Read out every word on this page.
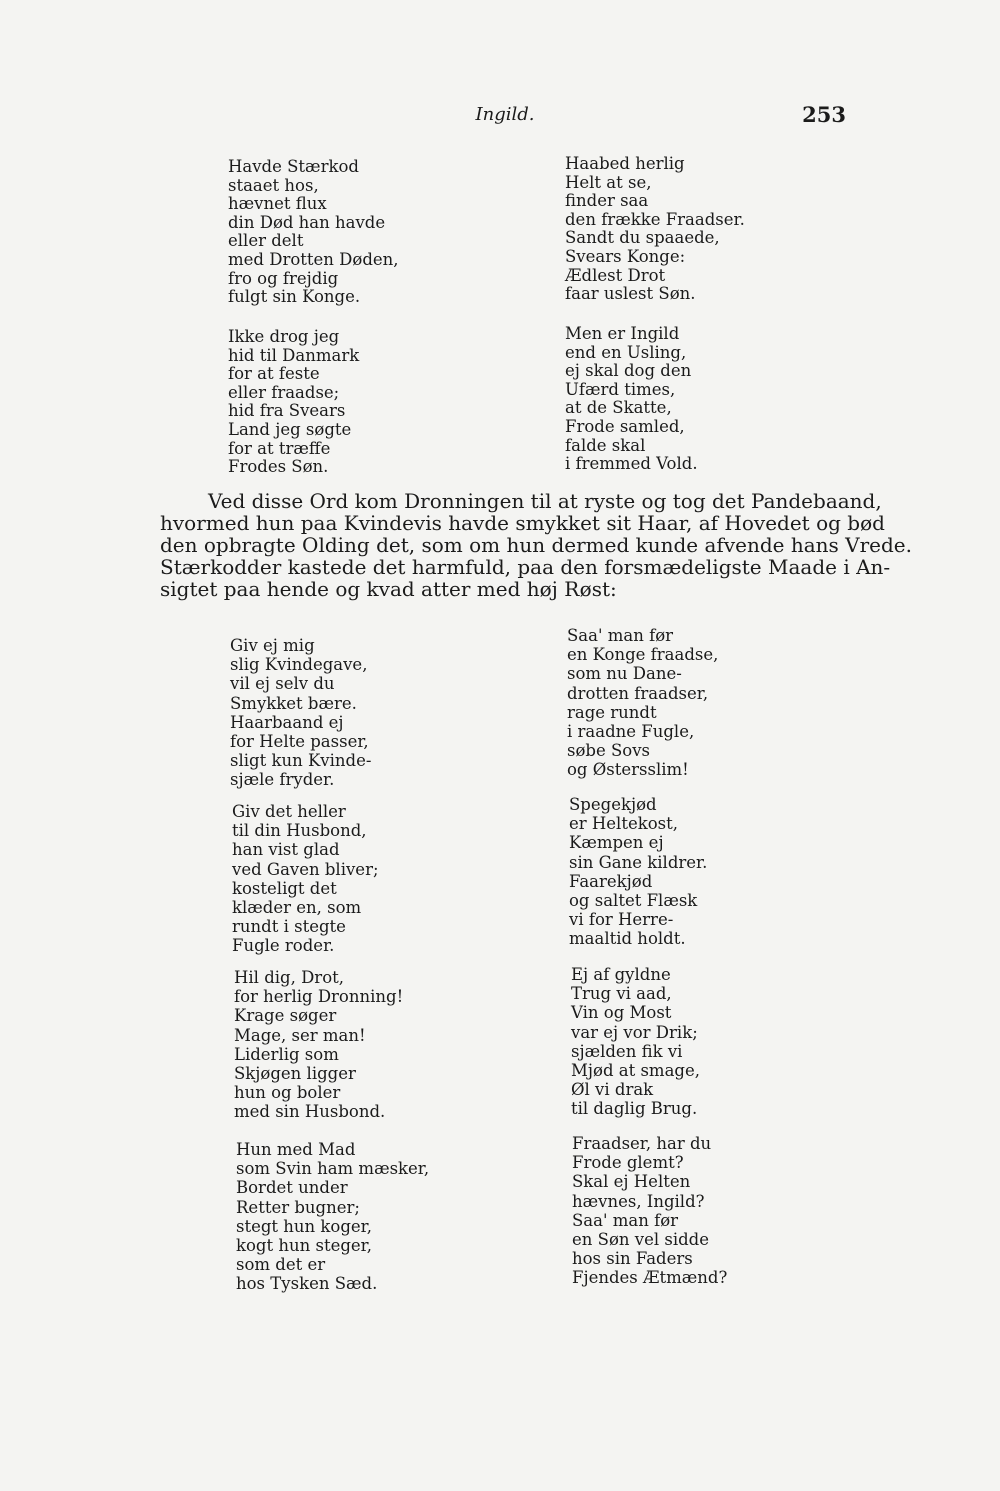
Ingild.	253
Havde Stærkod
staaet hos,
hævnet flux
din Død han havde
eller delt
med Drotten Døden,
fro og frejdig
fulgt sin Konge.
Ikke drog jeg
hid til Danmark
for at feste
eller fraadse;
hid fra Svears
Land jeg søgte
for at træffe
Frodes Søn.
Haabed herlig
Helt at se,
finder saa
den frække Fraadser.
Sandt du spaaede,
Svears Konge:
Ædlest Drot
faar uslest Søn.
Men er Ingild
end en Usling,
ej skal dog den
Ufærd times,
at de Skatte,
Frode samled,
falde skal
i fremmed Vold.

Ved disse Ord kom Dronningen til at ryste og tog det Pandebaand,
hvormed hun paa Kvindevis havde smykket sit Haar, af Hovedet og bød
den opbragte Olding det, som om hun dermed kunde afvende hans Vrede.
Stærkodder kastede det harmfuld, paa den forsmædeligste Maade i An-
sigtet paa hende og kvad atter med høj Røst:

Giv ej mig
slig Kvindegave,
vil ej selv du
Smykket bære.
Haarbaand ej
for Helte passer,
sligt kun Kvinde-
sjæle fryder.
Giv det heller
til din Husbond,
han vist glad
ved Gaven bliver;
kosteligt det
klæder en, som
rundt i stegte
Fugle roder.
Hil dig, Drot,
for herlig Dronning!
Krage søger
Mage, ser man!
Liderlig som
Skjøgen ligger
hun og boler
med sin Husbond.
Hun med Mad
som Svin ham mæsker,
Bordet under
Retter bugner;
stegt hun koger,
kogt hun steger,
som det er
hos Tysken Sæd.
Saa' man før
en Konge fraadse,
som nu Dane-
drotten fraadser,
rage rundt
i raadne Fugle,
søbe Sovs
og Østersslim!
Spegekjød
er Heltekost,
Kæmpen ej
sin Gane kildrer.
Faarekjød
og saltet Flæsk
vi for Herre-
maaltid holdt.
Ej af gyldne
Trug vi aad,
Vin og Most
var ej vor Drik;
sjælden fik vi
Mjød at smage,
Øl vi drak
til daglig Brug.
Fraadser, har du
Frode glemt?
Skal ej Helten
hævnes, Ingild?
Saa' man før
en Søn vel sidde
hos sin Faders
Fjendes Ætmænd?
